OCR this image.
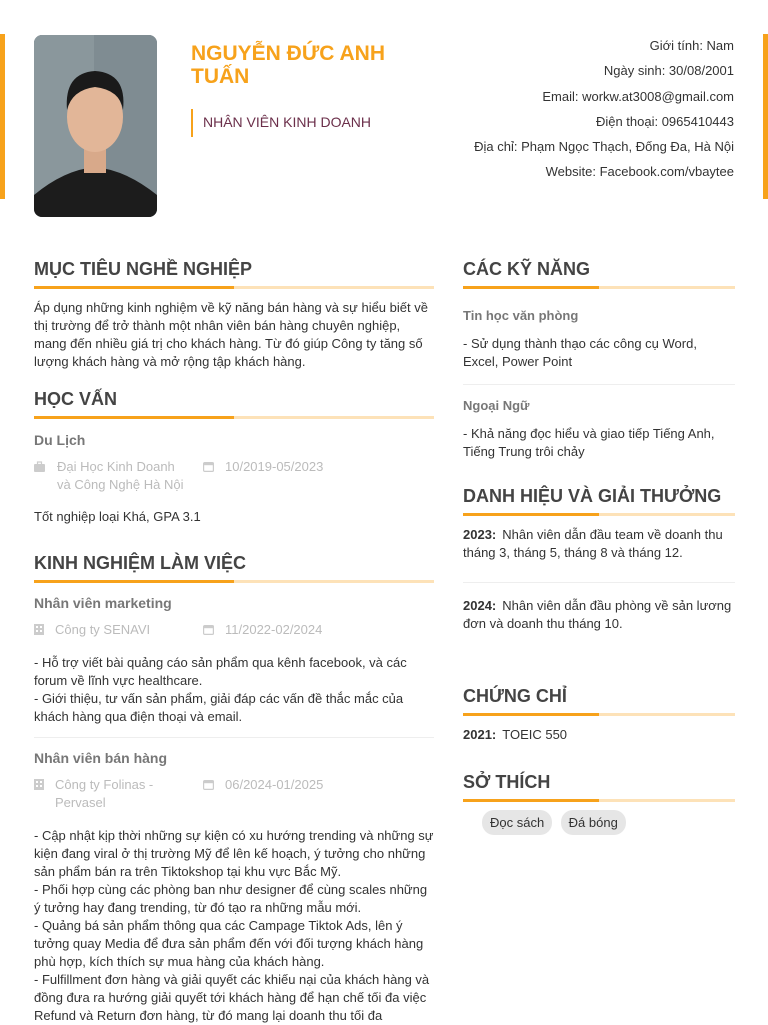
NGUYỄN ĐỨC ANH TUẤN
NHÂN VIÊN KINH DOANH
Giới tính: Nam
Ngày sinh: 30/08/2001
Email: workw.at3008@gmail.com
Điện thoại: 0965410443
Địa chỉ: Phạm Ngọc Thạch, Đống Đa, Hà Nội
Website: Facebook.com/vbaytee
MỤC TIÊU NGHỀ NGHIỆP
Áp dụng những kinh nghiệm về kỹ năng bán hàng và sự hiểu biết về thị trường để trở thành một nhân viên bán hàng chuyên nghiệp, mang đến nhiều giá trị cho khách hàng. Từ đó giúp Công ty tăng số lượng khách hàng và mở rộng tập khách hàng.
HỌC VẤN
Du Lịch
Đại Học Kinh Doanh
và Công Nghệ Hà Nội
10/2019-05/2023
Tốt nghiệp loại Khá, GPA 3.1
KINH NGHIỆM LÀM VIỆC
Nhân viên marketing
Công ty SENAVI	11/2022-02/2024
- Hỗ trợ viết bài quảng cáo sản phẩm qua kênh facebook, và các forum về lĩnh vực healthcare.
- Giới thiệu, tư vấn sản phẩm, giải đáp các vấn đề thắc mắc của khách hàng qua điện thoại và email.
Nhân viên bán hàng
Công ty Folinas -
Pervasel
06/2024-01/2025
- Cập nhật kịp thời những sự kiện có xu hướng trending và những sự kiện đang viral ở thị trường Mỹ để lên kế hoạch, ý tưởng cho những sản phẩm bán ra trên Tiktokshop tại khu vực Bắc Mỹ.
- Phối hợp cùng các phòng ban như designer để cùng scales những ý tưởng hay đang trending, từ đó tạo ra những mẫu mới.
- Quảng bá sản phẩm thông qua các Campage Tiktok Ads, lên ý tưởng quay Media để đưa sản phẩm đến với đối tượng khách hàng phù hợp, kích thích sự mua hàng của khách hàng.
- Fulfillment đơn hàng và giải quyết các khiếu nại của khách hàng và đồng đưa ra hướng giải quyết tới khách hàng để hạn chế tối đa việc Refund và Return đơn hàng, từ đó mang lại doanh thu tối đa
CÁC KỸ NĂNG
Tin học văn phòng
- Sử dụng thành thạo các công cụ Word, Excel, Power Point
Ngoại Ngữ
- Khả năng đọc hiểu và giao tiếp Tiếng Anh, Tiếng Trung trôi chảy
DANH HIỆU VÀ GIẢI THƯỞNG
2023: Nhân viên dẫn đầu team về doanh thu tháng 3, tháng 5, tháng 8 và tháng 12.
2024: Nhân viên dẫn đầu phòng về sản lương đơn và doanh thu tháng 10.
CHỨNG CHỈ
2021: TOEIC 550
SỞ THÍCH
Đọc sách Đá bóng
